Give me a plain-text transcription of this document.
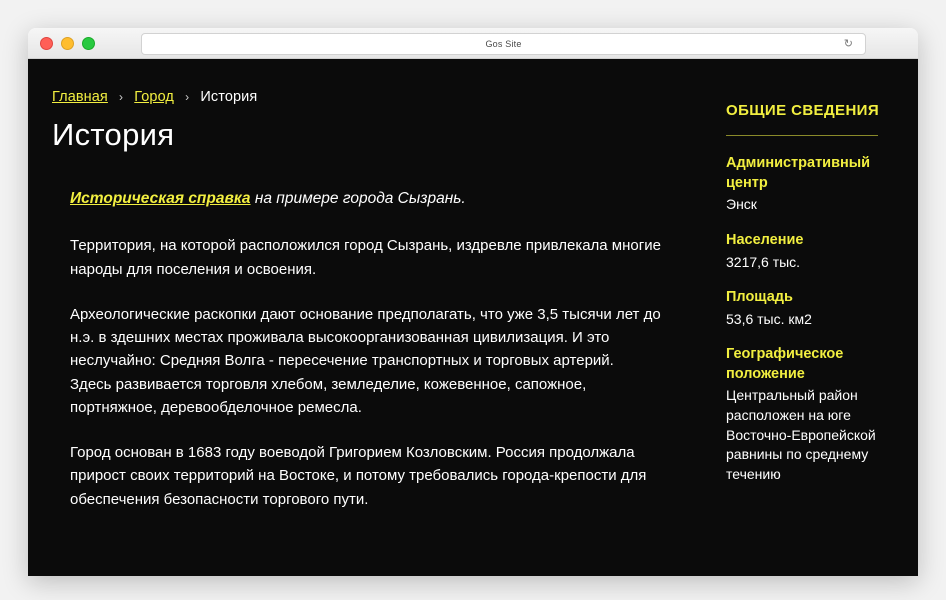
Gos Site	↻
Главная › Город › История
История

Историческая справка на примере города Сызрань.

Территория, на которой расположился город Сызрань, издревле привлекала многие народы для поселения и освоения.

Археологические раскопки дают основание предполагать, что уже 3,5 тысячи лет до н.э. в здешних местах проживала высокоорганизованная цивилизация. И это неслучайно: Средняя Волга - пересечение транспортных и торговых артерий.

Здесь развивается торговля хлебом, земледелие, кожевенное, сапожное, портняжное, деревообделочное ремесла.

Город основан в 1683 году воеводой Григорием Козловским. Россия продолжала прирост своих территорий на Востоке, и потому требовались города-крепости для обеспечения безопасности торгового пути.

ОБЩИЕ СВЕДЕНИЯ
Административный центр
Энск
Население
3217,6 тыс.
Площадь
53,6 тыс. км2
Географическое положение
Центральный район расположен на юге Восточно-Европейской равнины по среднему течению
